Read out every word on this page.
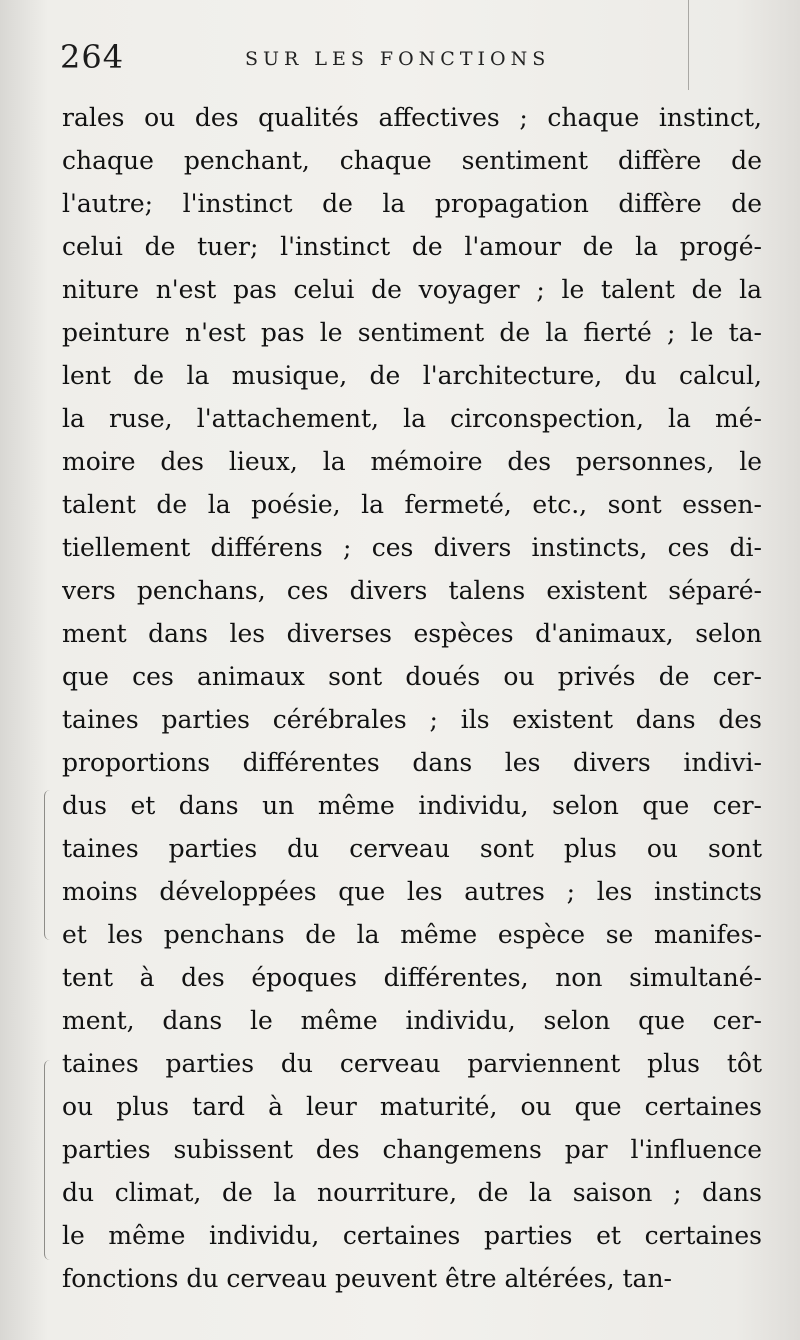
264	SUR LES FONCTIONS
rales ou des qualités affectives ; chaque instinct,
chaque penchant, chaque sentiment diffère de
l'autre; l'instinct de la propagation diffère de
celui de tuer; l'instinct de l'amour de la progé-
niture n'est pas celui de voyager ; le talent de la
peinture n'est pas le sentiment de la fierté ; le ta-
lent de la musique, de l'architecture, du calcul,
la ruse, l'attachement, la circonspection, la mé-
moire des lieux, la mémoire des personnes, le
talent de la poésie, la fermeté, etc., sont essen-
tiellement différens ; ces divers instincts, ces di-
vers penchans, ces divers talens existent séparé-
ment dans les diverses espèces d'animaux, selon
que ces animaux sont doués ou privés de cer-
taines parties cérébrales ; ils existent dans des
proportions différentes dans les divers indivi-
dus et dans un même individu, selon que cer-
taines parties du cerveau sont plus ou sont
moins développées que les autres ; les instincts
et les penchans de la même espèce se manifes-
tent à des époques différentes, non simultané-
ment, dans le même individu, selon que cer-
taines parties du cerveau parviennent plus tôt
ou plus tard à leur maturité, ou que certaines
parties subissent des changemens par l'influence
du climat, de la nourriture, de la saison ; dans
le même individu, certaines parties et certaines
fonctions du cerveau peuvent être altérées, tan-
